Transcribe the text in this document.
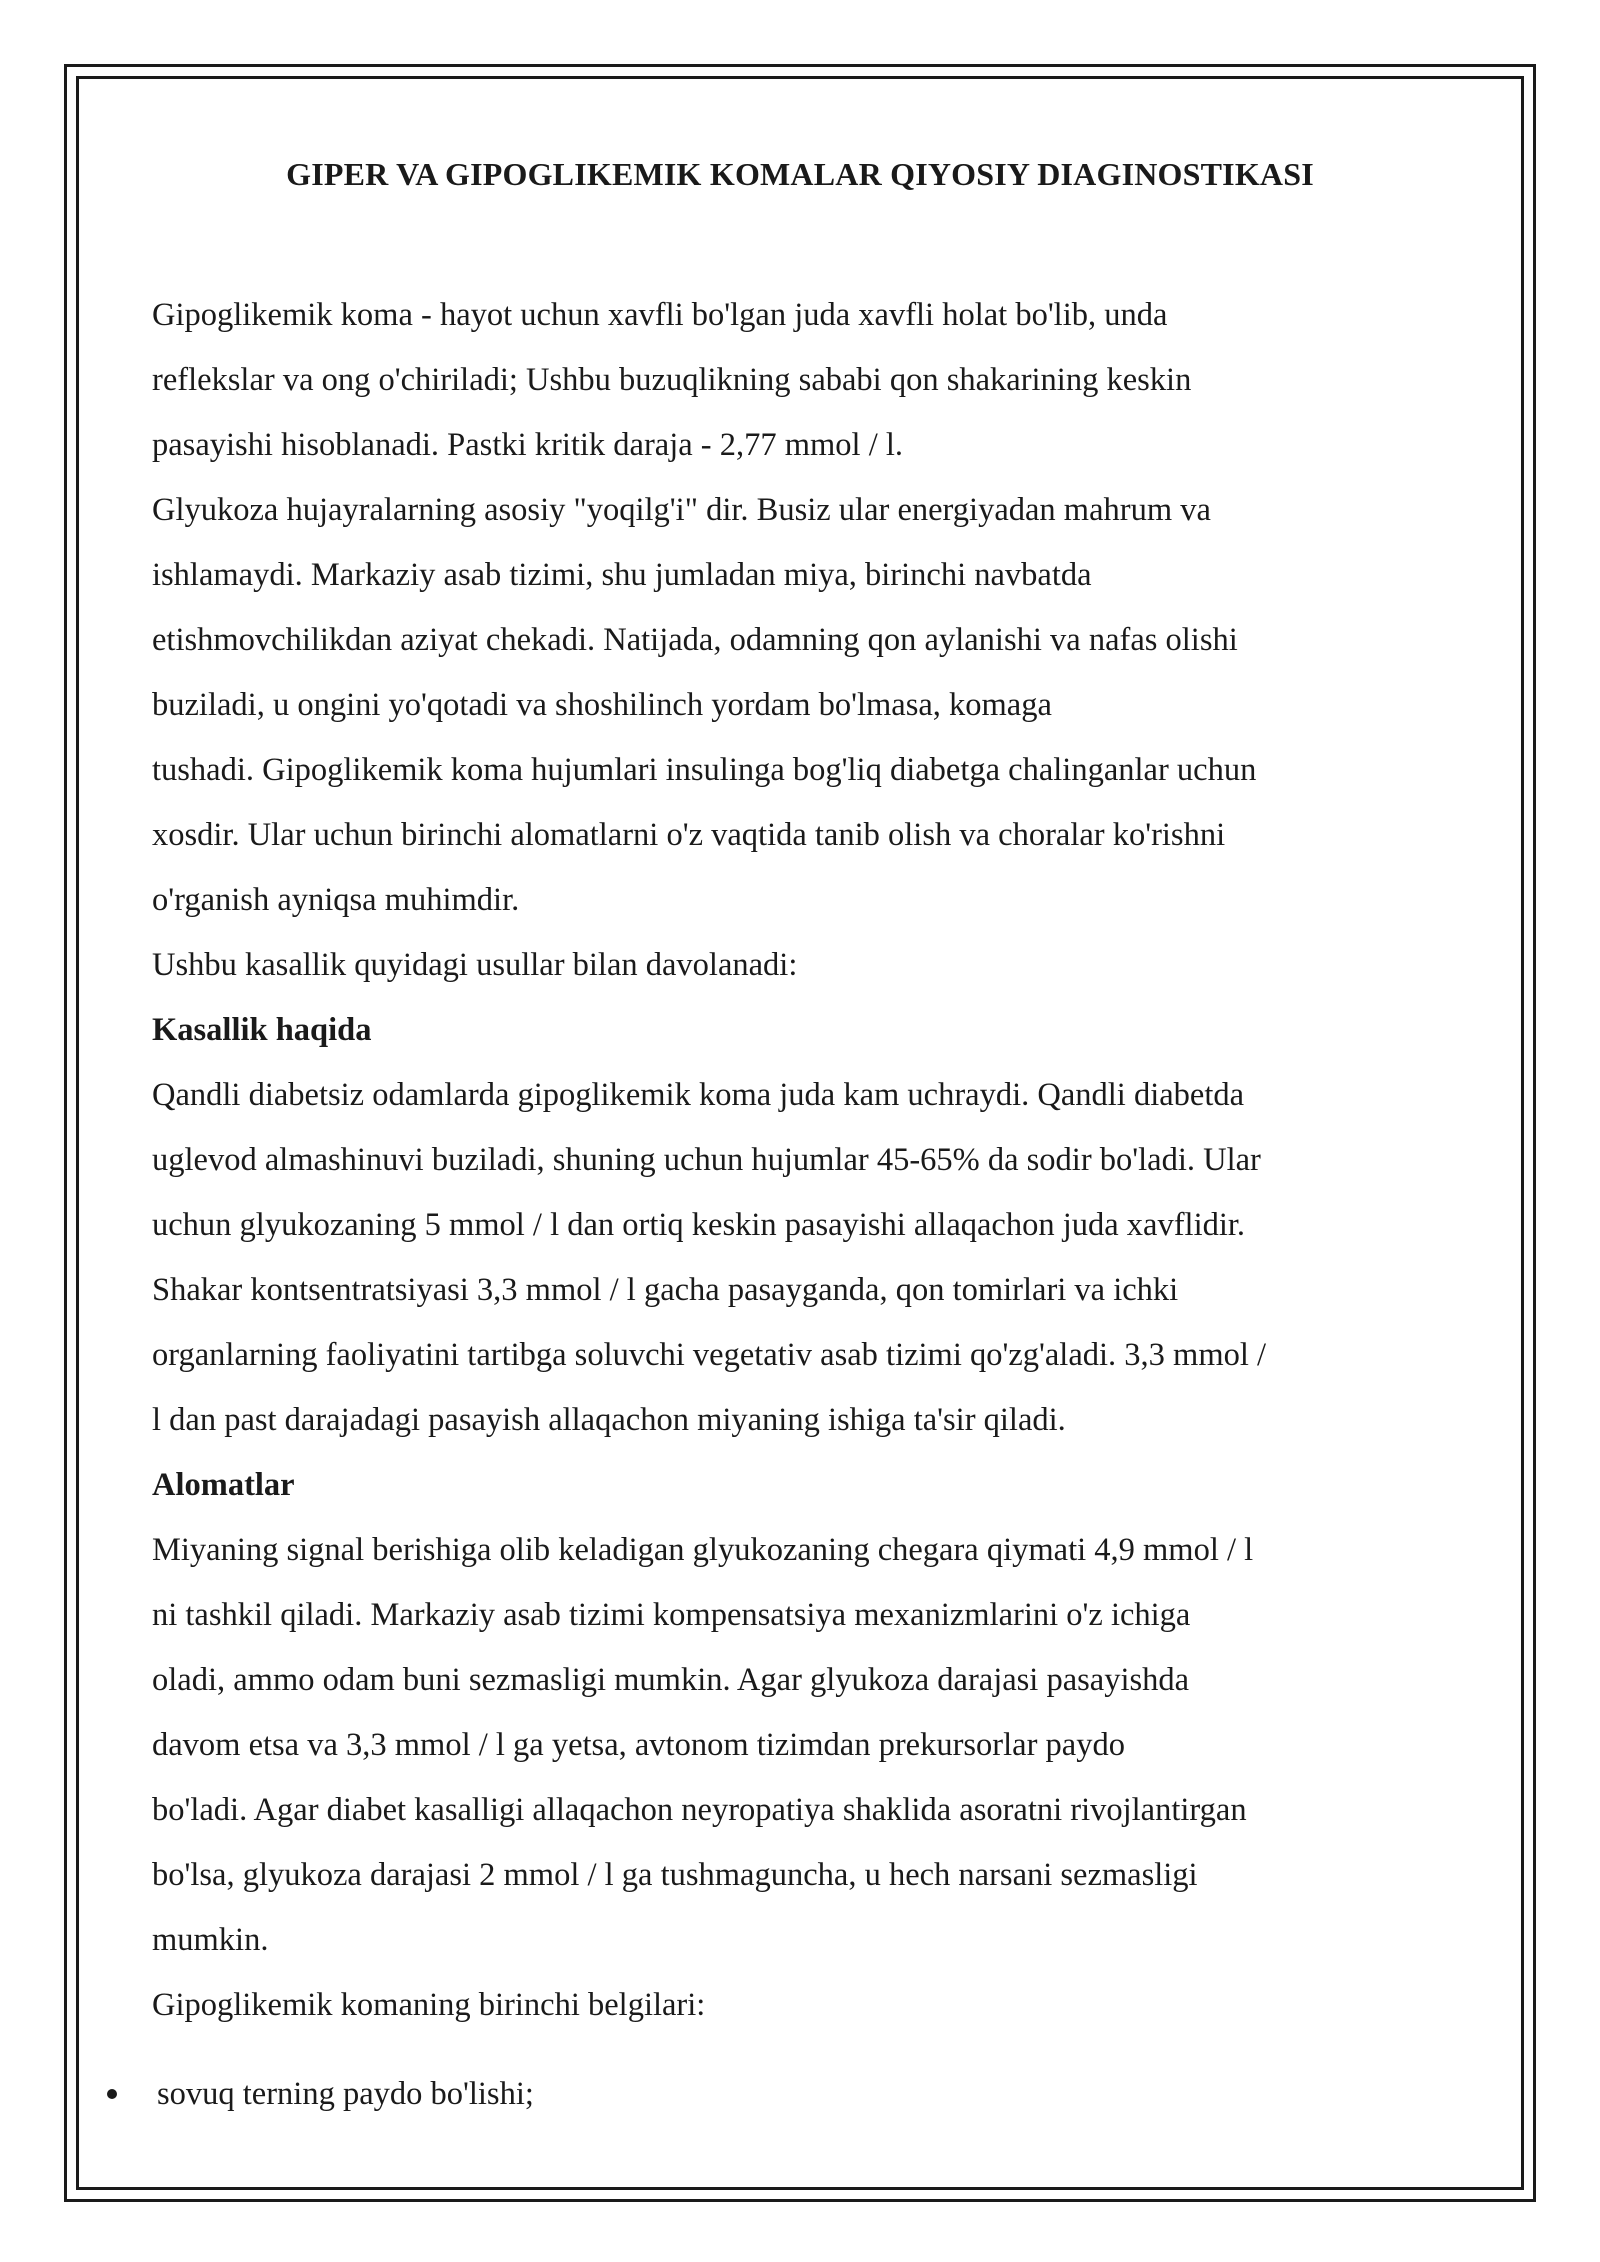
GIPER VA GIPOGLIKEMIK KOMALAR QIYOSIY DIAGINOSTIKASI
Gipoglikemik koma - hayot uchun xavfli bo'lgan juda xavfli holat bo'lib, unda
reflekslar va ong o'chiriladi; Ushbu buzuqlikning sababi qon shakarining keskin
pasayishi hisoblanadi. Pastki kritik daraja - 2,77 mmol / l.
Glyukoza hujayralarning asosiy "yoqilg'i" dir. Busiz ular energiyadan mahrum va
ishlamaydi. Markaziy asab tizimi, shu jumladan miya, birinchi navbatda
etishmovchilikdan aziyat chekadi. Natijada, odamning qon aylanishi va nafas olishi
buziladi, u ongini yo'qotadi va shoshilinch yordam bo'lmasa, komaga
tushadi. Gipoglikemik koma hujumlari insulinga bog'liq diabetga chalinganlar uchun
xosdir. Ular uchun birinchi alomatlarni o'z vaqtida tanib olish va choralar ko'rishni
o'rganish ayniqsa muhimdir.
Ushbu kasallik quyidagi usullar bilan davolanadi:
Kasallik haqida
Qandli diabetsiz odamlarda gipoglikemik koma juda kam uchraydi. Qandli diabetda
uglevod almashinuvi buziladi, shuning uchun hujumlar 45-65% da sodir bo'ladi. Ular
uchun glyukozaning 5 mmol / l dan ortiq keskin pasayishi allaqachon juda xavflidir.
Shakar kontsentratsiyasi 3,3 mmol / l gacha pasayganda, qon tomirlari va ichki
organlarning faoliyatini tartibga soluvchi vegetativ asab tizimi qo'zg'aladi. 3,3 mmol /
l dan past darajadagi pasayish allaqachon miyaning ishiga ta'sir qiladi.
Alomatlar
Miyaning signal berishiga olib keladigan glyukozaning chegara qiymati 4,9 mmol / l
ni tashkil qiladi. Markaziy asab tizimi kompensatsiya mexanizmlarini o'z ichiga
oladi, ammo odam buni sezmasligi mumkin. Agar glyukoza darajasi pasayishda
davom etsa va 3,3 mmol / l ga yetsa, avtonom tizimdan prekursorlar paydo
bo'ladi. Agar diabet kasalligi allaqachon neyropatiya shaklida asoratni rivojlantirgan
bo'lsa, glyukoza darajasi 2 mmol / l ga tushmaguncha, u hech narsani sezmasligi
mumkin.
Gipoglikemik komaning birinchi belgilari:
sovuq terning paydo bo'lishi;
